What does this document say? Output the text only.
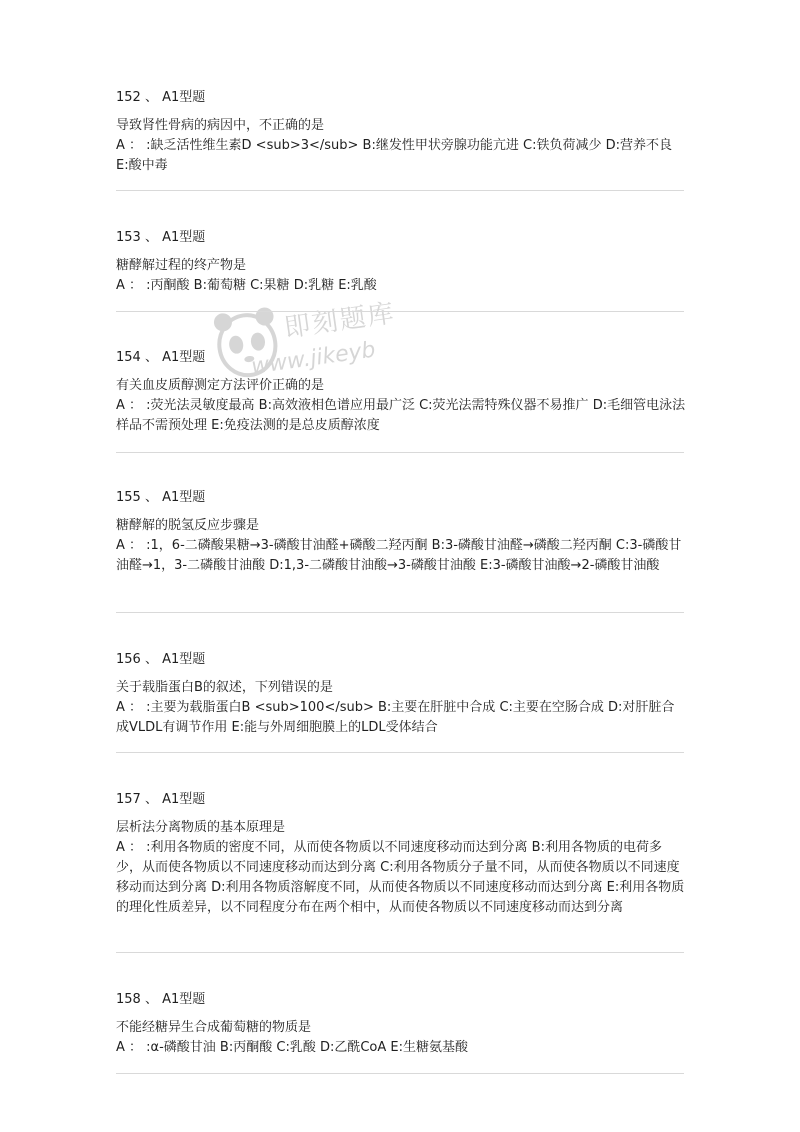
即刻题库
www.jikeyb
152 、 A1型题
导致肾性骨病的病因中，不正确的是
A ： :缺乏活性维生素D <sub>3</sub> B:继发性甲状旁腺功能亢进 C:铁负荷减少 D:营养不良 E:酸中毒
153 、 A1型题
糖酵解过程的终产物是
A ： :丙酮酸 B:葡萄糖 C:果糖 D:乳糖 E:乳酸
154 、 A1型题
有关血皮质醇测定方法评价正确的是
A ： :荧光法灵敏度最高 B:高效液相色谱应用最广泛 C:荧光法需特殊仪器不易推广 D:毛细管电泳法样品不需预处理 E:免疫法测的是总皮质醇浓度
155 、 A1型题
糖酵解的脱氢反应步骤是
A ： :1，6-二磷酸果糖→3-磷酸甘油醛+磷酸二羟丙酮 B:3-磷酸甘油醛→磷酸二羟丙酮 C:3-磷酸甘油醛→1，3-二磷酸甘油酸 D:1,3-二磷酸甘油酸→3-磷酸甘油酸 E:3-磷酸甘油酸→2-磷酸甘油酸
156 、 A1型题
关于载脂蛋白B的叙述，下列错误的是
A ： :主要为载脂蛋白B <sub>100</sub> B:主要在肝脏中合成 C:主要在空肠合成 D:对肝脏合成VLDL有调节作用 E:能与外周细胞膜上的LDL受体结合
157 、 A1型题
层析法分离物质的基本原理是
A ： :利用各物质的密度不同，从而使各物质以不同速度移动而达到分离 B:利用各物质的电荷多少，从而使各物质以不同速度移动而达到分离 C:利用各物质分子量不同，从而使各物质以不同速度移动而达到分离 D:利用各物质溶解度不同，从而使各物质以不同速度移动而达到分离 E:利用各物质的理化性质差异，以不同程度分布在两个相中，从而使各物质以不同速度移动而达到分离
158 、 A1型题
不能经糖异生合成葡萄糖的物质是
A ： :α-磷酸甘油 B:丙酮酸 C:乳酸 D:乙酰CoA E:生糖氨基酸
